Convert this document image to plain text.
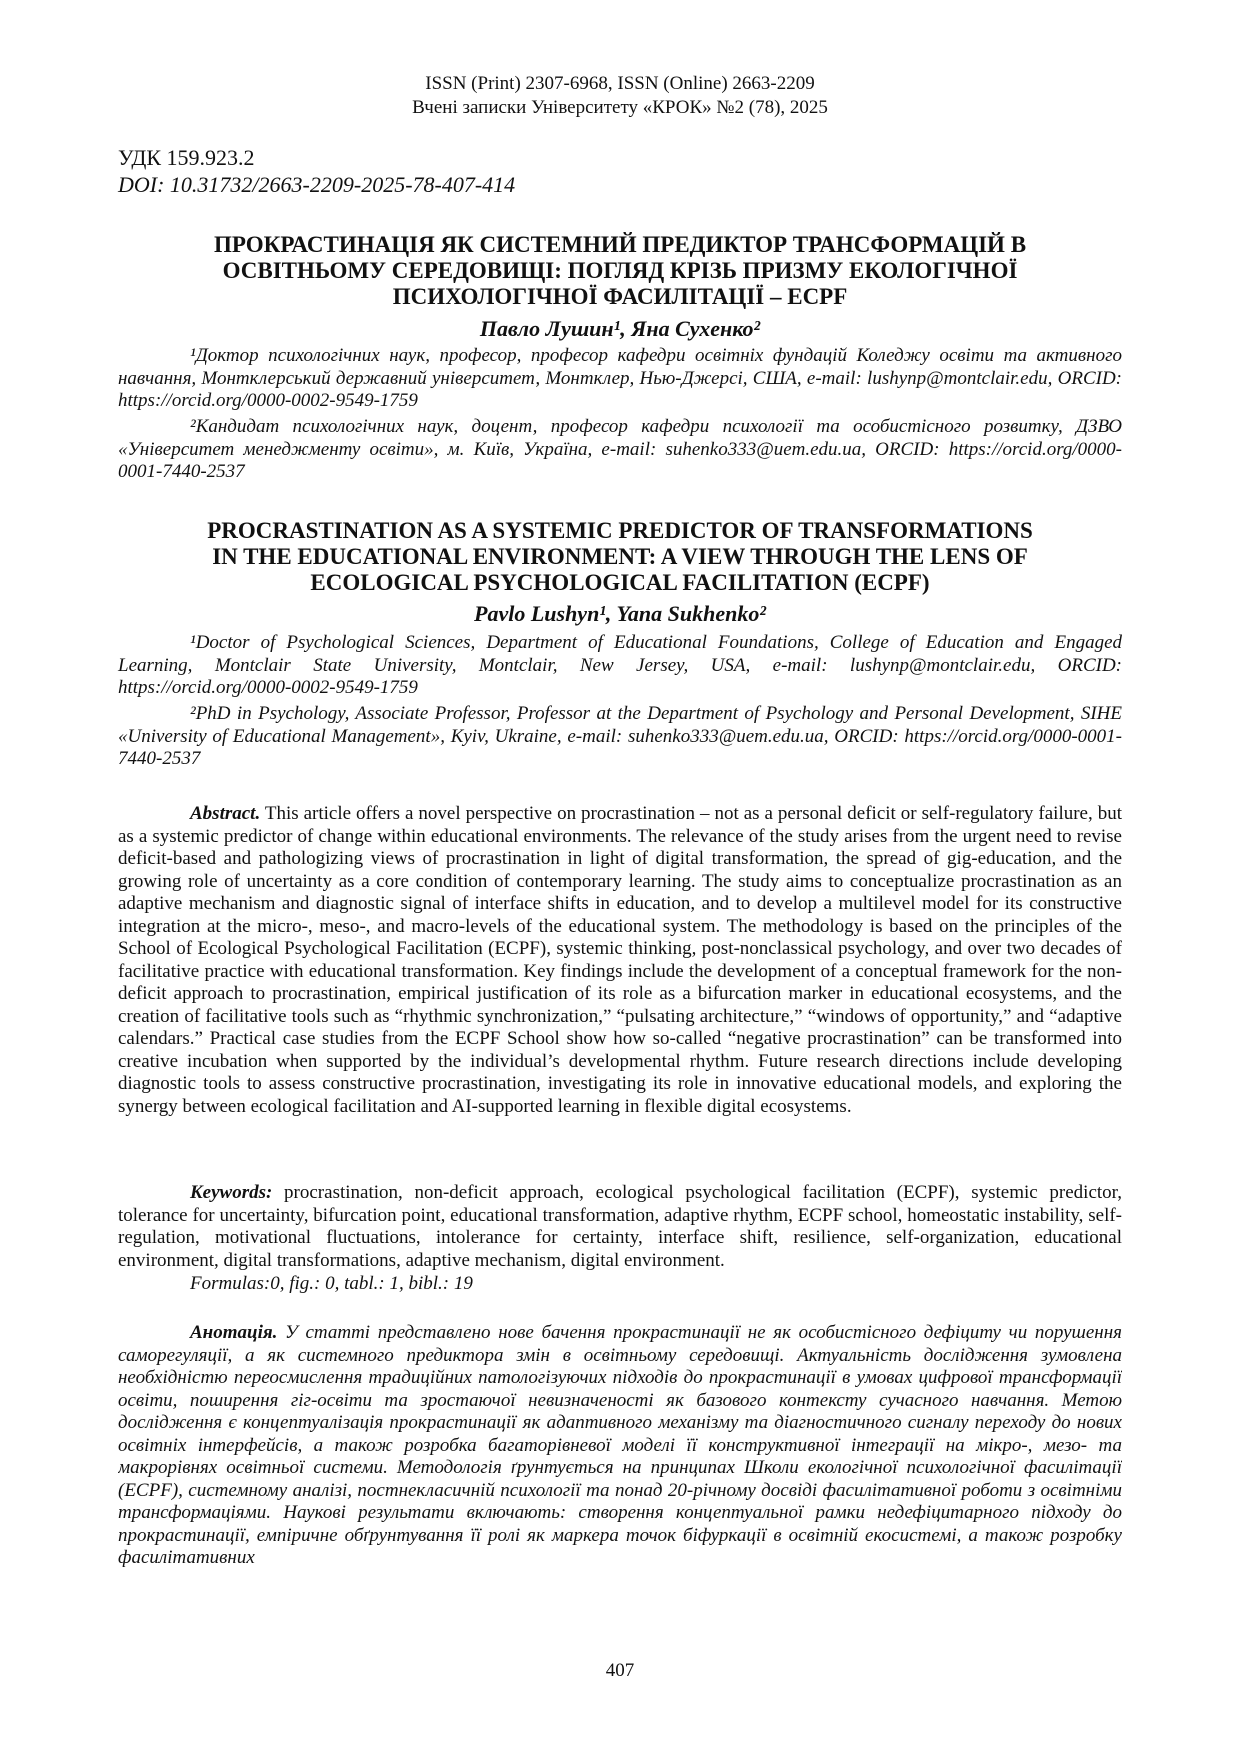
ISSN (Print) 2307-6968, ISSN (Online) 2663-2209
Вчені записки Університету «КРОК» №2 (78), 2025
УДК 159.923.2
DOI: 10.31732/2663-2209-2025-78-407-414
ПРОКРАСТИНАЦІЯ ЯК СИСТЕМНИЙ ПРЕДИКТОР ТРАНСФОРМАЦІЙ В
ОСВІТНЬОМУ СЕРЕДОВИЩІ: ПОГЛЯД КРІЗЬ ПРИЗМУ ЕКОЛОГІЧНОЇ
ПСИХОЛОГІЧНОЇ ФАСИЛІТАЦІЇ – ECPF
Павло Лушин¹, Яна Сухенко²
¹Доктор психологічних наук, професор, професор кафедри освітніх фундацій Коледжу освіти та активного навчання, Монтклерський державний університет, Монтклер, Нью-Джерсі, США, e-mail: lushynp@montclair.edu, ORCID: https://orcid.org/0000-0002-9549-1759
²Кандидат психологічних наук, доцент, професор кафедри психології та особистісного розвитку, ДЗВО «Університет менеджменту освіти», м. Київ, Україна, e-mail: suhenko333@uem.edu.ua, ORCID: https://orcid.org/0000-0001-7440-2537
PROCRASTINATION AS A SYSTEMIC PREDICTOR OF TRANSFORMATIONS
IN THE EDUCATIONAL ENVIRONMENT: A VIEW THROUGH THE LENS OF
ECOLOGICAL PSYCHOLOGICAL FACILITATION (ECPF)
Pavlo Lushyn¹, Yana Sukhenko²
¹Doctor of Psychological Sciences, Department of Educational Foundations, College of Education and Engaged Learning, Montclair State University, Montclair, New Jersey, USA, e-mail: lushynp@montclair.edu, ORCID: https://orcid.org/0000-0002-9549-1759
²PhD in Psychology, Associate Professor, Professor at the Department of Psychology and Personal Development, SIHE «University of Educational Management», Kyiv, Ukraine, e-mail: suhenko333@uem.edu.ua, ORCID: https://orcid.org/0000-0001-7440-2537
Abstract. This article offers a novel perspective on procrastination – not as a personal deficit or self-regulatory failure, but as a systemic predictor of change within educational environments. The relevance of the study arises from the urgent need to revise deficit-based and pathologizing views of procrastination in light of digital transformation, the spread of gig-education, and the growing role of uncertainty as a core condition of contemporary learning. The study aims to conceptualize procrastination as an adaptive mechanism and diagnostic signal of interface shifts in education, and to develop a multilevel model for its constructive integration at the micro-, meso-, and macro-levels of the educational system. The methodology is based on the principles of the School of Ecological Psychological Facilitation (ECPF), systemic thinking, post-nonclassical psychology, and over two decades of facilitative practice with educational transformation. Key findings include the development of a conceptual framework for the non-deficit approach to procrastination, empirical justification of its role as a bifurcation marker in educational ecosystems, and the creation of facilitative tools such as “rhythmic synchronization,” “pulsating architecture,” “windows of opportunity,” and “adaptive calendars.” Practical case studies from the ECPF School show how so-called “negative procrastination” can be transformed into creative incubation when supported by the individual’s developmental rhythm. Future research directions include developing diagnostic tools to assess constructive procrastination, investigating its role in innovative educational models, and exploring the synergy between ecological facilitation and AI-supported learning in flexible digital ecosystems.
Keywords: procrastination, non-deficit approach, ecological psychological facilitation (ECPF), systemic predictor, tolerance for uncertainty, bifurcation point, educational transformation, adaptive rhythm, ECPF school, homeostatic instability, self-regulation, motivational fluctuations, intolerance for certainty, interface shift, resilience, self-organization, educational environment, digital transformations, adaptive mechanism, digital environment.
Formulas:0, fig.: 0, tabl.: 1, bibl.: 19
Анотація. У статті представлено нове бачення прокрастинації не як особистісного дефіциту чи порушення саморегуляції, а як системного предиктора змін в освітньому середовищі. Актуальність дослідження зумовлена необхідністю переосмислення традиційних патологізуючих підходів до прокрастинації в умовах цифрової трансформації освіти, поширення гіг-освіти та зростаючої невизначеності як базового контексту сучасного навчання. Метою дослідження є концептуалізація прокрастинації як адаптивного механізму та діагностичного сигналу переходу до нових освітніх інтерфейсів, а також розробка багаторівневої моделі її конструктивної інтеграції на мікро-, мезо- та макрорівнях освітньої системи. Методологія ґрунтується на принципах Школи екологічної психологічної фасилітації (ECPF), системному аналізі, постнекласичній психології та понад 20-річному досвіді фасилітативної роботи з освітніми трансформаціями. Наукові результати включають: створення концептуальної рамки недефіцитарного підходу до прокрастинації, емпіричне обґрунтування її ролі як маркера точок біфуркації в освітній екосистемі, а також розробку фасилітативних
407
